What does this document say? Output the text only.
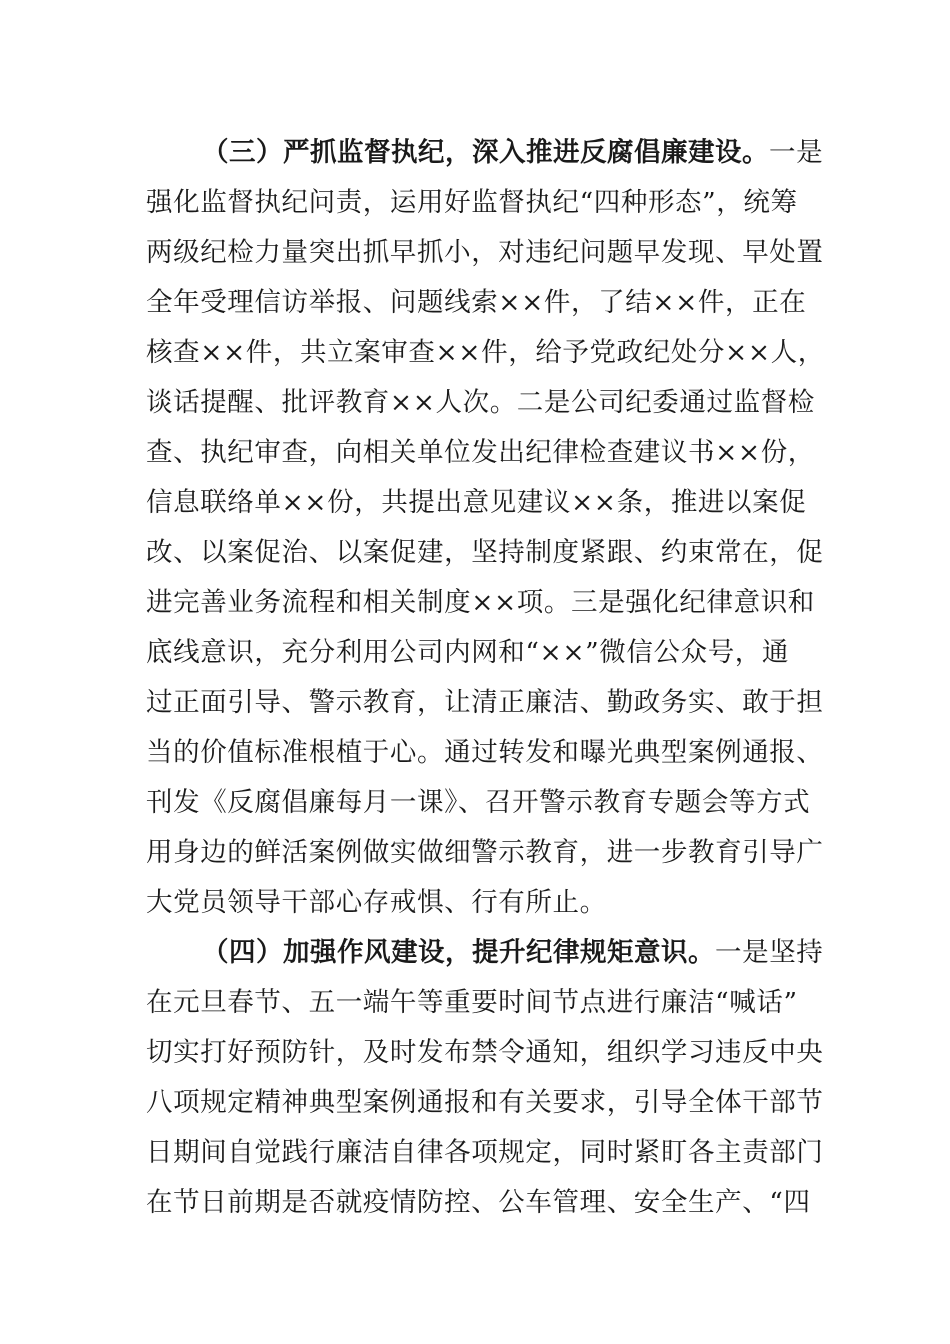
（三）严抓监督执纪，深入推进反腐倡廉建设。一是
强化监督执纪问责，运用好监督执纪“四种形态”，统筹
两级纪检力量突出抓早抓小，对违纪问题早发现、早处置
全年受理信访举报、问题线索××件，了结××件，正在
核查××件，共立案审查××件，给予党政纪处分××人，
谈话提醒、批评教育××人次。二是公司纪委通过监督检
查、执纪审查，向相关单位发出纪律检查建议书××份，
信息联络单××份，共提出意见建议××条，推进以案促
改、以案促治、以案促建，坚持制度紧跟、约束常在，促
进完善业务流程和相关制度××项。三是强化纪律意识和
底线意识，充分利用公司内网和“××”微信公众号，通
过正面引导、警示教育，让清正廉洁、勤政务实、敢于担
当的价值标准根植于心。通过转发和曝光典型案例通报、
刊发《反腐倡廉每月一课》、召开警示教育专题会等方式
用身边的鲜活案例做实做细警示教育，进一步教育引导广
大党员领导干部心存戒惧、行有所止。
（四）加强作风建设，提升纪律规矩意识。一是坚持
在元旦春节、五一端午等重要时间节点进行廉洁“喊话”
切实打好预防针，及时发布禁令通知，组织学习违反中央
八项规定精神典型案例通报和有关要求，引导全体干部节
日期间自觉践行廉洁自律各项规定，同时紧盯各主责部门
在节日前期是否就疫情防控、公车管理、安全生产、“四
